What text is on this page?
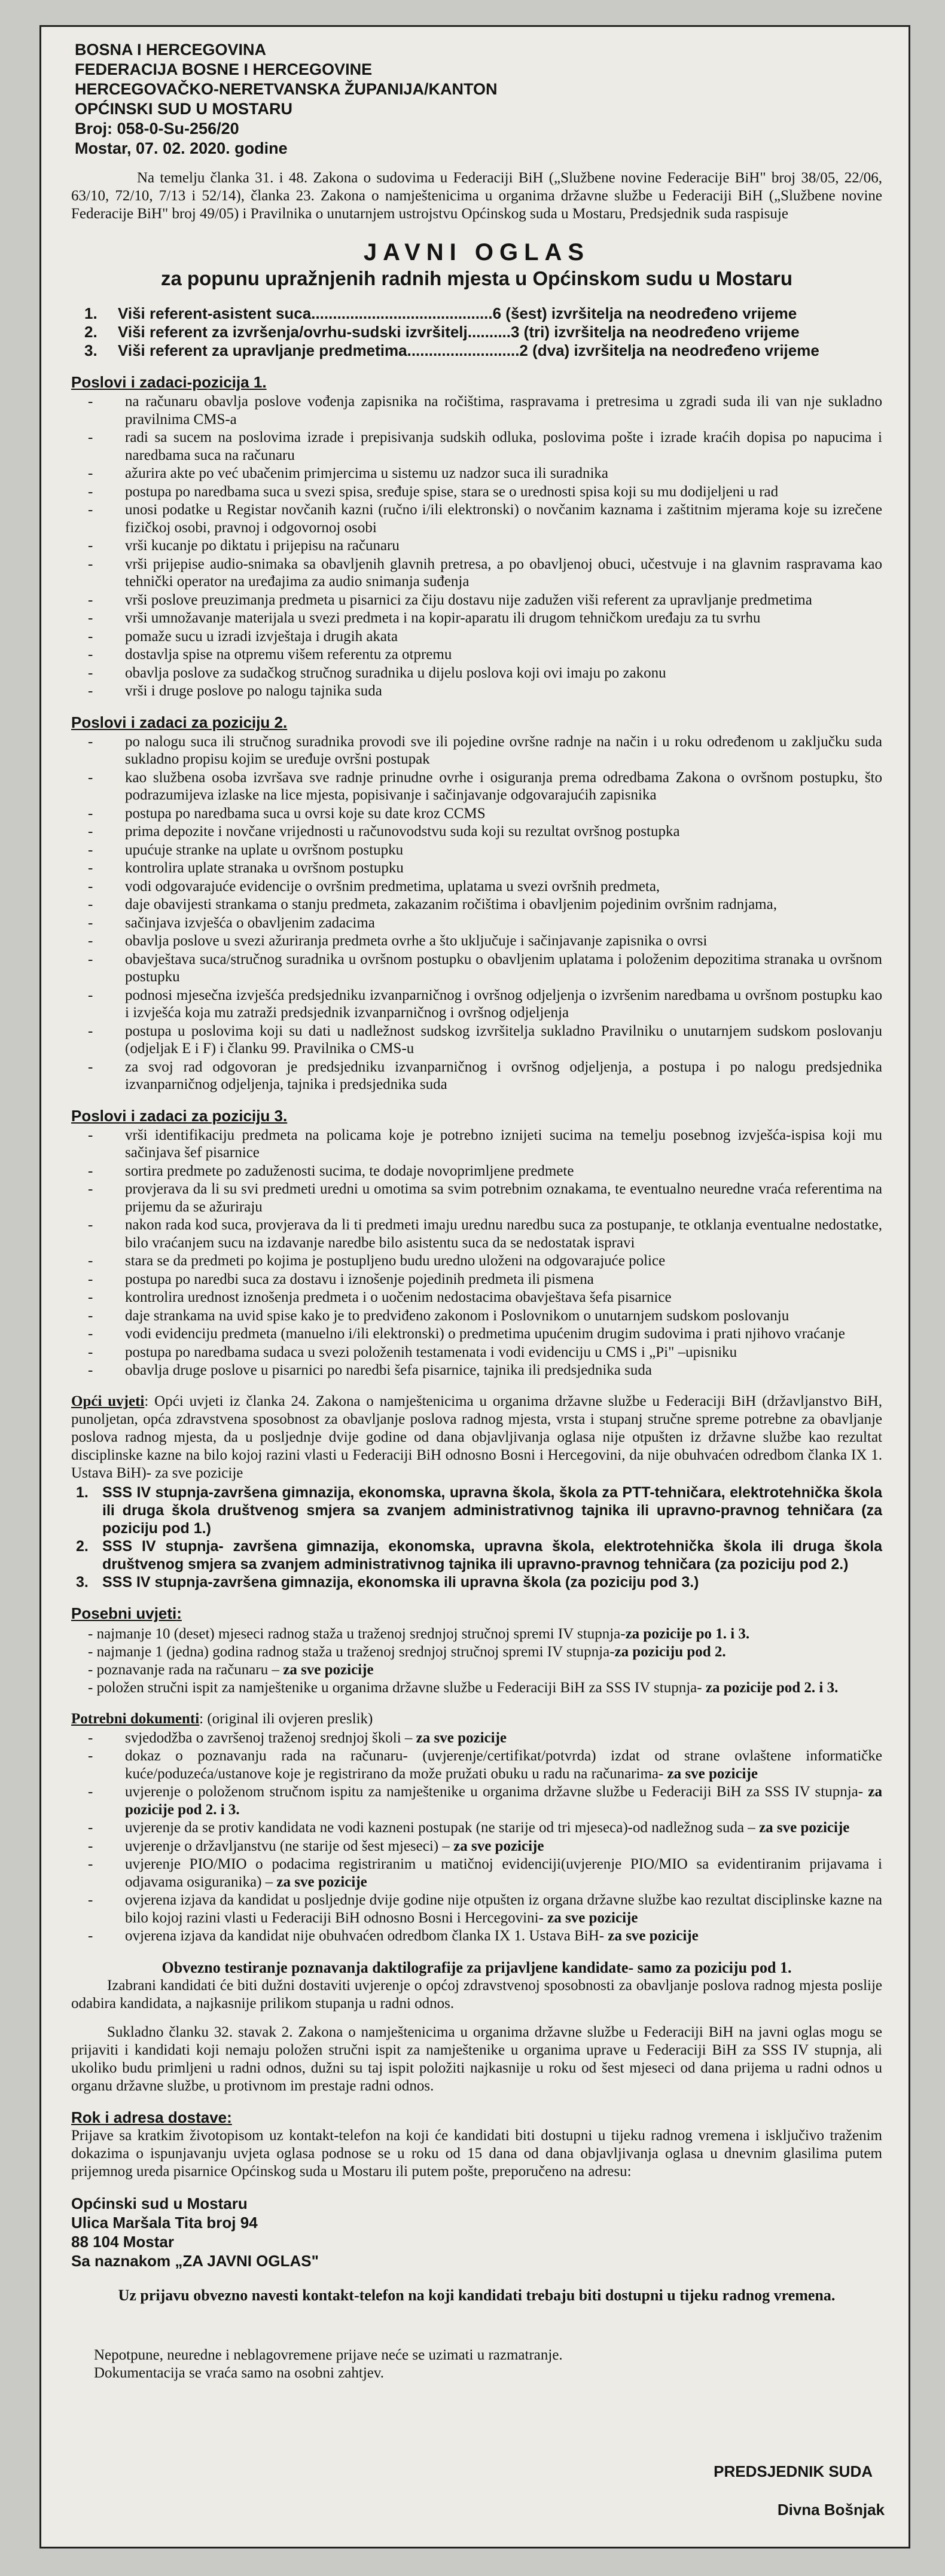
BOSNA I HERCEGOVINA
FEDERACIJA BOSNE I HERCEGOVINE
HERCEGOVAČKO-NERETVANSKA ŽUPANIJA/KANTON
OPĆINSKI SUD U MOSTARU
Broj: 058-0-Su-256/20
Mostar, 07. 02. 2020. godine
Na temelju članka 31. i 48. Zakona o sudovima u Federaciji BiH („Službene novine Federacije BiH" broj 38/05, 22/06, 63/10, 72/10, 7/13 i 52/14), članka 23. Zakona o namještenicima u organima državne službe u Federaciji BiH („Službene novine Federacije BiH" broj 49/05) i Pravilnika o unutarnjem ustrojstvu Općinskog suda u Mostaru, Predsjednik suda raspisuje
JAVNI OGLAS
za popunu upražnjenih radnih mjesta u Općinskom sudu u Mostaru
1.	Viši referent-asistent suca..........................................6 (šest) izvršitelja na neodređeno vrijeme
2.	Viši referent za izvršenja/ovrhu-sudski izvršitelj..........3 (tri) izvršitelja na neodređeno vrijeme
3.	Viši referent za upravljanje predmetima..........................2 (dva) izvršitelja na neodređeno vrijeme
Poslovi i zadaci-pozicija 1.
- na računaru obavlja poslove vođenja zapisnika na ročištima, raspravama i pretresima u zgradi suda ili van nje sukladno pravilnima CMS-a
- radi sa sucem na poslovima izrade i prepisivanja sudskih odluka, poslovima pošte i izrade kraćih dopisa po napucima i naredbama suca na računaru
- ažurira akte po već ubačenim primjercima u sistemu uz nadzor suca ili suradnika
- postupa po naredbama suca u svezi spisa, sređuje spise, stara se o urednosti spisa koji su mu dodijeljeni u rad
- unosi podatke u Registar novčanih kazni (ručno i/ili elektronski) o novčanim kaznama i zaštitnim mjerama koje su izrečene fizičkoj osobi, pravnoj i odgovornoj osobi
- vrši kucanje po diktatu i prijepisu na računaru
- vrši prijepise audio-snimaka sa obavljenih glavnih pretresa, a po obavljenoj obuci, učestvuje i na glavnim raspravama kao tehnički operator na uređajima za audio snimanja suđenja
- vrši poslove preuzimanja predmeta u pisarnici za čiju dostavu nije zadužen viši referent za upravljanje predmetima
- vrši umnožavanje materijala u svezi predmeta i na kopir-aparatu ili drugom tehničkom uređaju za tu svrhu
- pomaže sucu u izradi izvještaja i drugih akata
- dostavlja spise na otpremu višem referentu za otpremu
- obavlja poslove za sudačkog stručnog suradnika u dijelu poslova koji ovi imaju po zakonu
- vrši i druge poslove po nalogu tajnika suda
Poslovi i zadaci za poziciju 2.
- po nalogu suca ili stručnog suradnika provodi sve ili pojedine ovršne radnje na način i u roku određenom u zaključku suda sukladno propisu kojim se uređuje ovršni postupak
- kao službena osoba izvršava sve radnje prinudne ovrhe i osiguranja prema odredbama Zakona o ovršnom postupku, što podrazumijeva izlaske na lice mjesta, popisivanje i sačinjavanje odgovarajućih zapisnika
- postupa po naredbama suca u ovrsi koje su date kroz CCMS
- prima depozite i novčane vrijednosti u računovodstvu suda koji su rezultat ovršnog postupka
- upućuje stranke na uplate u ovršnom postupku
- kontrolira uplate stranaka u ovršnom postupku
- vodi odgovarajuće evidencije o ovršnim predmetima, uplatama u svezi ovršnih predmeta,
- daje obavijesti strankama o stanju predmeta, zakazanim ročištima i obavljenim pojedinim ovršnim radnjama,
- sačinjava izvješća o obavljenim zadacima
- obavlja poslove u svezi ažuriranja predmeta ovrhe a što uključuje i sačinjavanje zapisnika o ovrsi
- obavještava suca/stručnog suradnika u ovršnom postupku o obavljenim uplatama i položenim depozitima stranaka u ovršnom postupku
- podnosi mjesečna izvješća predsjedniku izvanparničnog i ovršnog odjeljenja o izvršenim naredbama u ovršnom postupku kao i izvješća koja mu zatraži predsjednik izvanparničnog i ovršnog odjeljenja
- postupa u poslovima koji su dati u nadležnost sudskog izvršitelja sukladno Pravilniku o unutarnjem sudskom poslovanju (odjeljak E i F) i članku 99. Pravilnika o CMS-u
- za svoj rad odgovoran je predsjedniku izvanparničnog i ovršnog odjeljenja, a postupa i po nalogu predsjednika izvanparničnog odjeljenja, tajnika i predsjednika suda
Poslovi i zadaci za poziciju 3.
- vrši identifikaciju predmeta na policama koje je potrebno iznijeti sucima na temelju posebnog izvješća-ispisa koji mu sačinjava šef pisarnice
- sortira predmete po zaduženosti sucima, te dodaje novoprimljene predmete
- provjerava da li su svi predmeti uredni u omotima sa svim potrebnim oznakama, te eventualno neuredne vraća referentima na prijemu da se ažuriraju
- nakon rada kod suca, provjerava da li ti predmeti imaju urednu naredbu suca za postupanje, te otklanja eventualne nedostatke, bilo vraćanjem sucu na izdavanje naredbe bilo asistentu suca da se nedostatak ispravi
- stara se da predmeti po kojima je postupljeno budu uredno uloženi na odgovarajuće police
- postupa po naredbi suca za dostavu i iznošenje pojedinih predmeta ili pismena
- kontrolira urednost iznošenja predmeta i o uočenim nedostacima obavještava šefa pisarnice
- daje strankama na uvid spise kako je to predviđeno zakonom i Poslovnikom o unutarnjem sudskom poslovanju
- vodi evidenciju predmeta (manuelno i/ili elektronski) o predmetima upućenim drugim sudovima i prati njihovo vraćanje
- postupa po naredbama sudaca u svezi položenih testamenata i vodi evidenciju u CMS i „Pi" –upisniku
- obavlja druge poslove u pisarnici po naredbi šefa pisarnice, tajnika ili predsjednika suda
Opći uvjeti: Opći uvjeti iz članka 24. Zakona o namještenicima u organima državne službe u Federaciji BiH (državljanstvo BiH, punoljetan, opća zdravstvena sposobnost za obavljanje poslova radnog mjesta, vrsta i stupanj stručne spreme potrebne za obavljanje poslova radnog mjesta, da u posljednje dvije godine od dana objavljivanja oglasa nije otpušten iz državne službe kao rezultat disciplinske kazne na bilo kojoj razini vlasti u Federaciji BiH odnosno Bosni i Hercegovini, da nije obuhvaćen odredbom članka IX 1. Ustava BiH)- za sve pozicije
1. SSS IV stupnja-završena gimnazija, ekonomska, upravna škola, škola za PTT-tehničara, elektrotehnička škola ili druga škola društvenog smjera sa zvanjem administrativnog tajnika ili upravno-pravnog tehničara (za poziciju pod 1.)
2. SSS IV stupnja- završena gimnazija, ekonomska, upravna škola, elektrotehnička škola ili druga škola društvenog smjera sa zvanjem administrativnog tajnika ili upravno-pravnog tehničara (za poziciju pod 2.)
3. SSS IV stupnja-završena gimnazija, ekonomska ili upravna škola (za poziciju pod 3.)
Posebni uvjeti:
- najmanje 10 (deset) mjeseci radnog staža u traženoj srednjoj stručnoj spremi IV stupnja-za pozicije po 1. i 3.
- najmanje 1 (jedna) godina radnog staža u traženoj srednjoj stručnoj spremi IV stupnja-za poziciju pod 2.
- poznavanje rada na računaru – za sve pozicije
- položen stručni ispit za namještenike u organima državne službe u Federaciji BiH za SSS IV stupnja- za pozicije pod 2. i 3.
Potrebni dokumenti: (original ili ovjeren preslik)
- svjedodžba o završenoj traženoj srednjoj školi – za sve pozicije
- dokaz o poznavanju rada na računaru- (uvjerenje/certifikat/potvrda) izdat od strane ovlaštene informatičke kuće/poduzeća/ustanove koje je registrirano da može pružati obuku u radu na računarima- za sve pozicije
- uvjerenje o položenom stručnom ispitu za namještenike u organima državne službe u Federaciji BiH za SSS IV stupnja- za pozicije pod 2. i 3.
- uvjerenje da se protiv kandidata ne vodi kazneni postupak (ne starije od tri mjeseca)-od nadležnog suda – za sve pozicije
- uvjerenje o državljanstvu (ne starije od šest mjeseci) – za sve pozicije
- uvjerenje PIO/MIO o podacima registriranim u matičnoj evidenciji(uvjerenje PIO/MIO sa evidentiranim prijavama i odjavama osiguranika) – za sve pozicije
- ovjerena izjava da kandidat u posljednje dvije godine nije otpušten iz organa državne službe kao rezultat disciplinske kazne na bilo kojoj razini vlasti u Federaciji BiH odnosno Bosni i Hercegovini- za sve pozicije
- ovjerena izjava da kandidat nije obuhvaćen odredbom članka IX 1. Ustava BiH- za sve pozicije
Obvezno testiranje poznavanja daktilografije za prijavljene kandidate- samo za poziciju pod 1.
Izabrani kandidati će biti dužni dostaviti uvjerenje o općoj zdravstvenoj sposobnosti za obavljanje poslova radnog mjesta poslije odabira kandidata, a najkasnije prilikom stupanja u radni odnos.
Sukladno članku 32. stavak 2. Zakona o namještenicima u organima državne službe u Federaciji BiH na javni oglas mogu se prijaviti i kandidati koji nemaju položen stručni ispit za namještenike u organima uprave u Federaciji BiH za SSS IV stupnja, ali ukoliko budu primljeni u radni odnos, dužni su taj ispit položiti najkasnije u roku od šest mjeseci od dana prijema u radni odnos u organu državne službe, u protivnom im prestaje radni odnos.
Rok i adresa dostave:
Prijave sa kratkim životopisom uz kontakt-telefon na koji će kandidati biti dostupni u tijeku radnog vremena i isključivo traženim dokazima o ispunjavanju uvjeta oglasa podnose se u roku od 15 dana od dana objavljivanja oglasa u dnevnim glasilima putem prijemnog ureda pisarnice Općinskog suda u Mostaru ili putem pošte, preporučeno na adresu:
Općinski sud u Mostaru
Ulica Maršala Tita broj 94
88 104 Mostar
Sa naznakom „ZA JAVNI OGLAS"
Uz prijavu obvezno navesti kontakt-telefon na koji kandidati trebaju biti dostupni u tijeku radnog vremena.
Nepotpune, neuredne i neblagovremene prijave neće se uzimati u razmatranje.
Dokumentacija se vraća samo na osobni zahtjev.
PREDSJEDNIK SUDA
Divna Bošnjak
